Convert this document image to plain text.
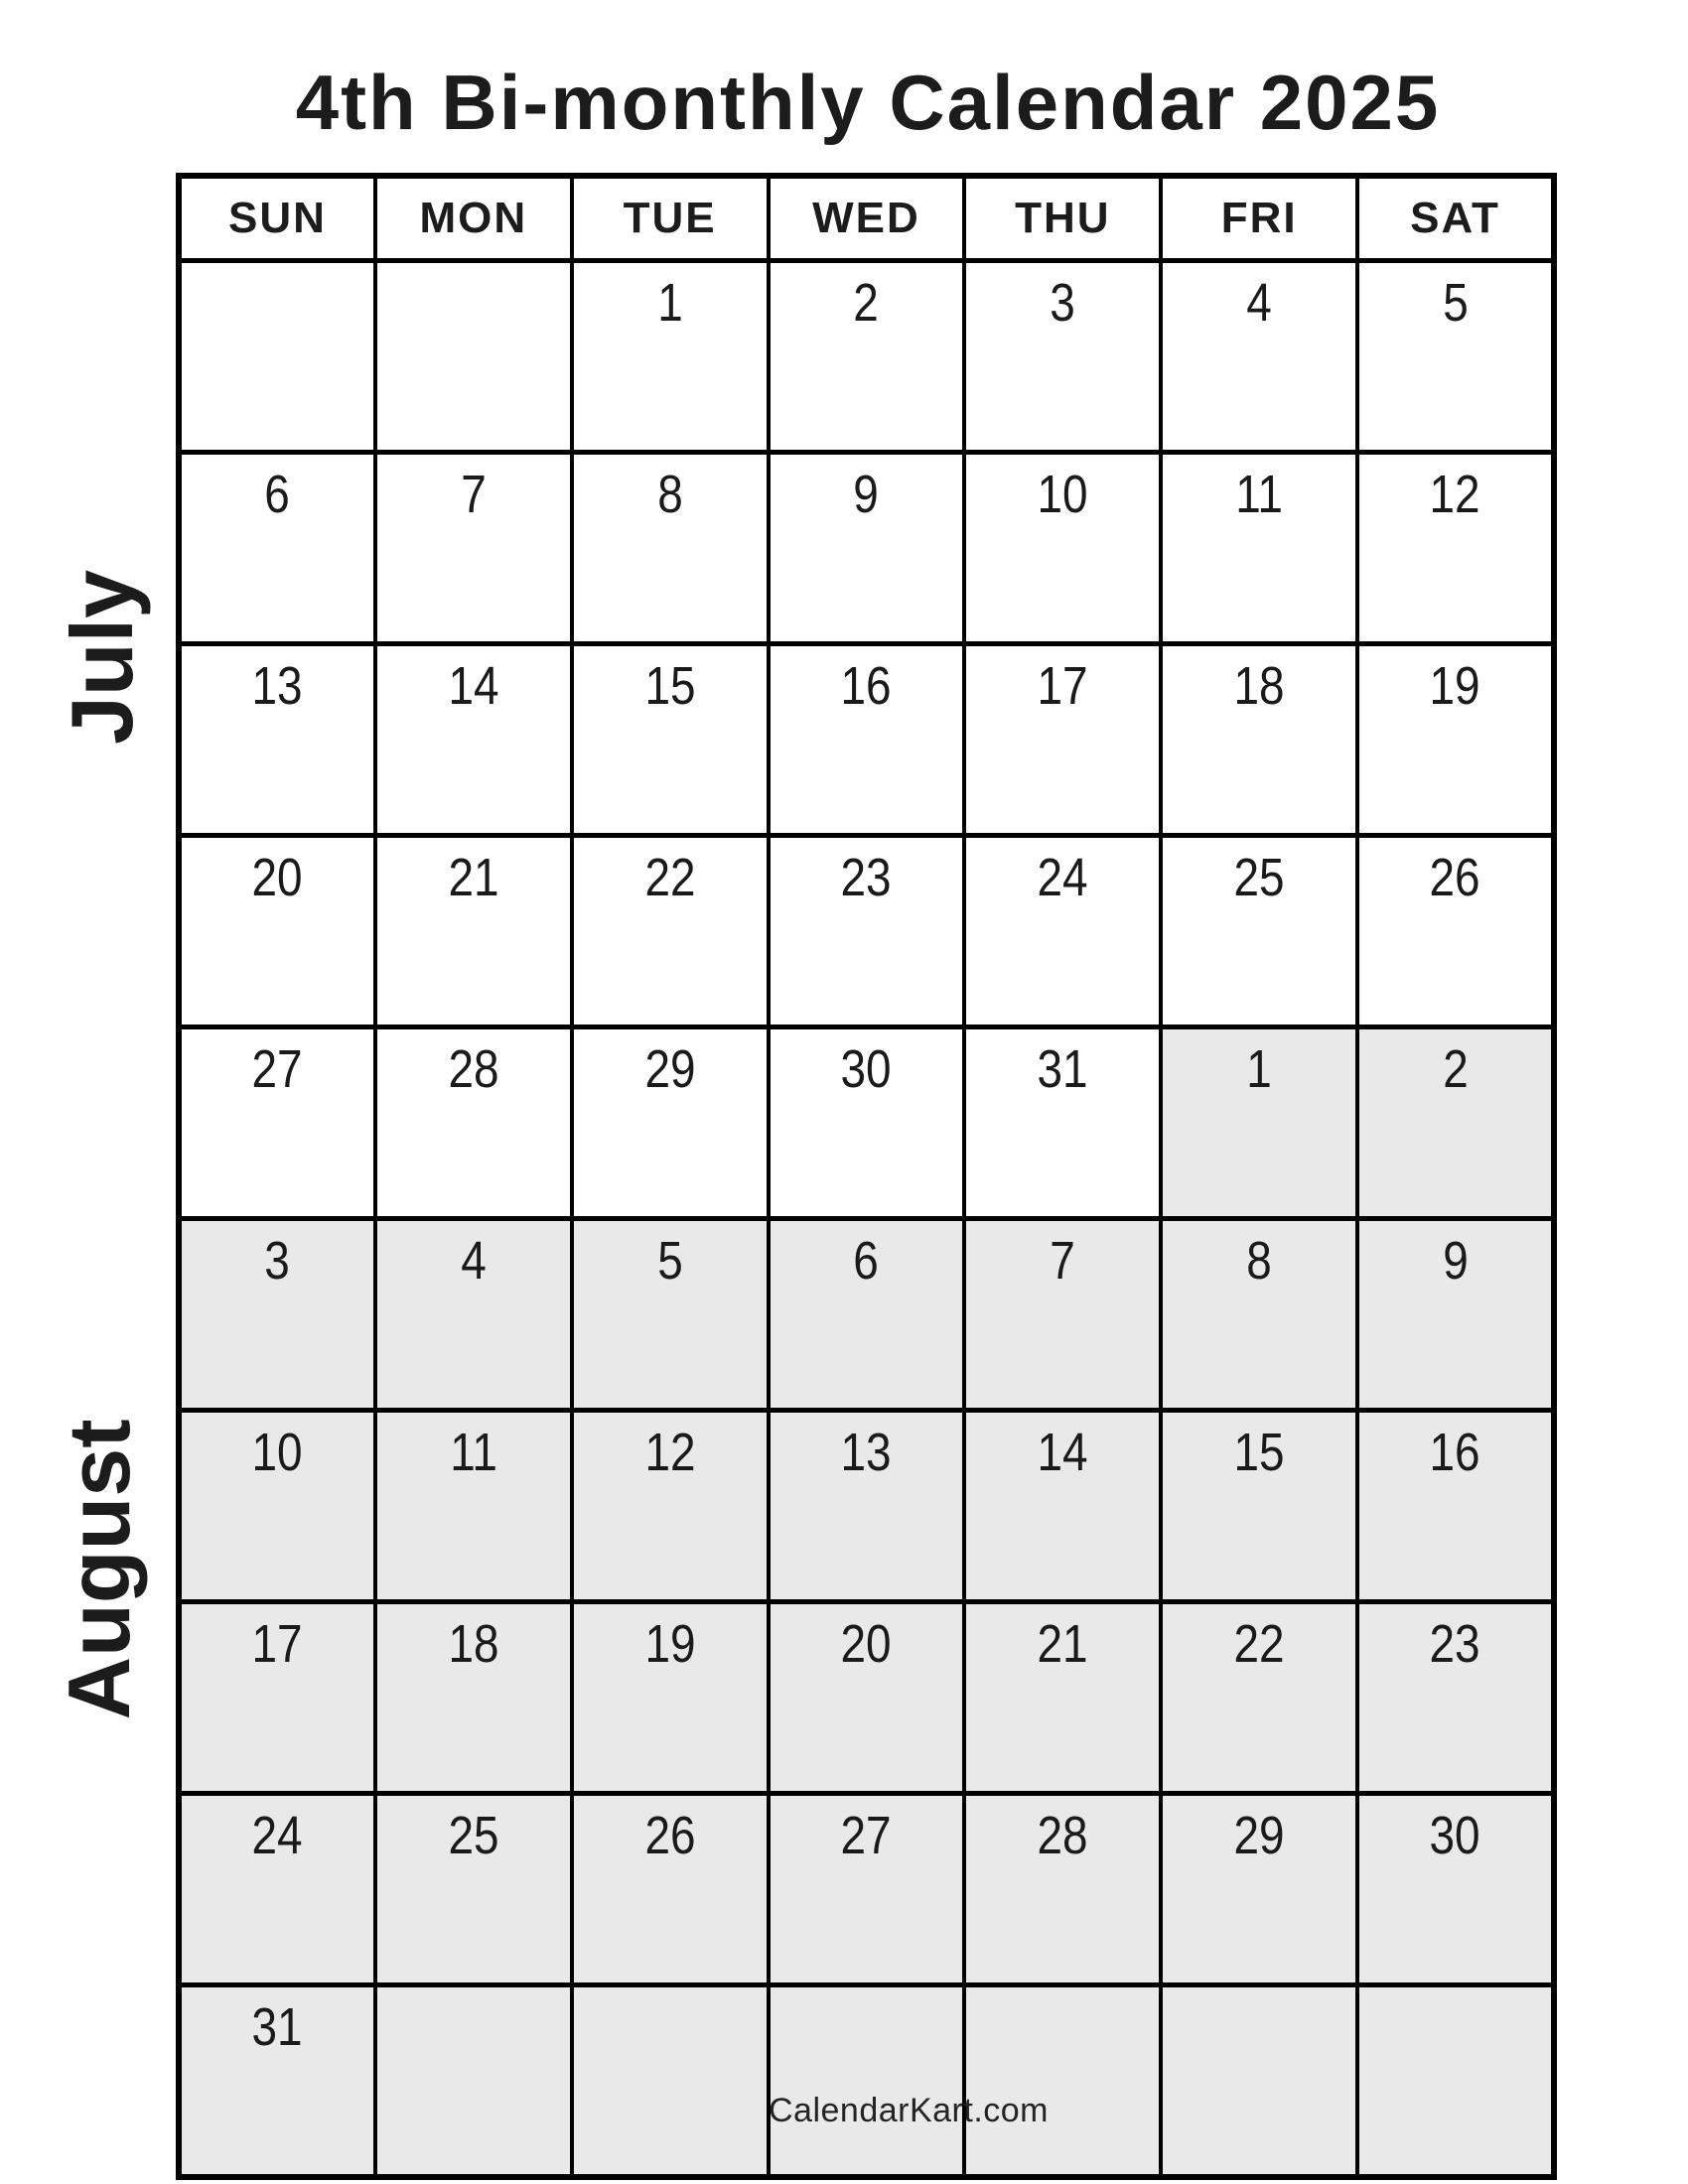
4th Bi-monthly Calendar 2025
July
August
SUN	MON	TUE	WED	THU	FRI	SAT
		1	2	3	4	5
6	7	8	9	10	11	12
13	14	15	16	17	18	19
20	21	22	23	24	25	26
27	28	29	30	31	1	2
3	4	5	6	7	8	9
10	11	12	13	14	15	16
17	18	19	20	21	22	23
24	25	26	27	28	29	30
31						
CalendarKart.com
